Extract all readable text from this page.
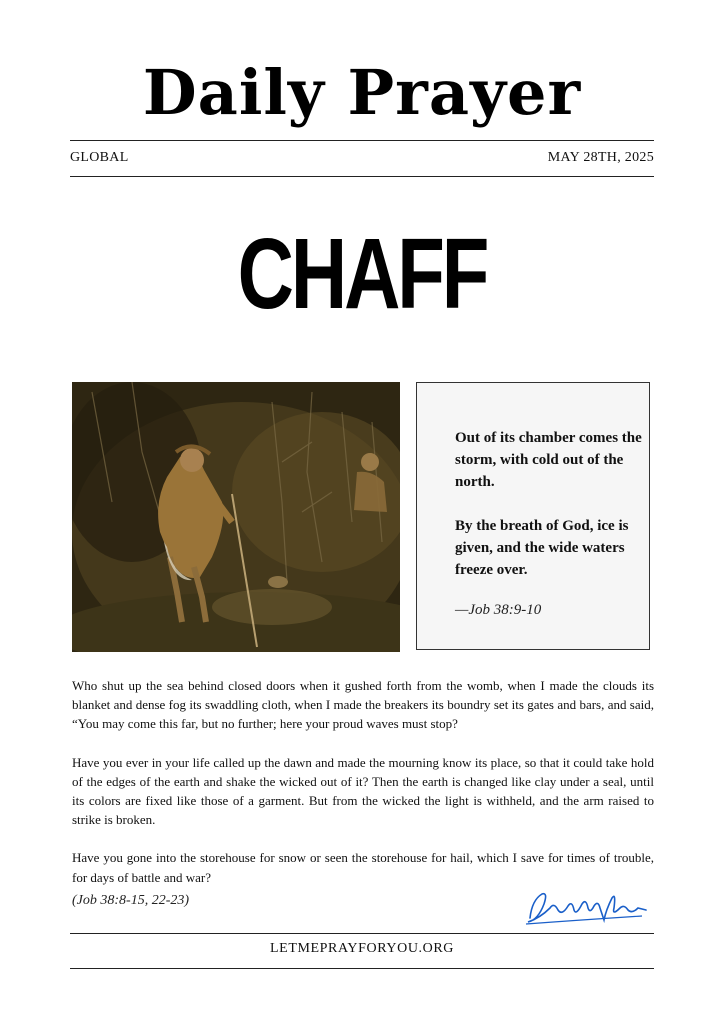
Daily Prayer
GLOBAL	MAY 28TH, 2025
CHAFF

Out of its chamber comes the storm, with cold out of the north.

By the breath of God, ice is given, and the wide waters freeze over.

—Job 38:9-10

Who shut up the sea behind closed doors when it gushed forth from the womb, when I made the clouds its blanket and dense fog its swaddling cloth, when I made the breakers its boundry set its gates and bars, and said, “You may come this far, but no further; here your proud waves must stop?

Have you ever in your life called up the dawn and made the mourning know its place, so that it could take hold of the edges of the earth and shake the wicked out of it? Then the earth is changed like clay under a seal, until its colors are fixed like those of a garment. But from the wicked the light is withheld, and the arm raised to strike is broken.

Have you gone into the storehouse for snow or seen the storehouse for hail, which I save for times of trouble, for days of battle and war?

(Job 38:8-15, 22-23)
LETMEPRAYFORYOU.ORG
